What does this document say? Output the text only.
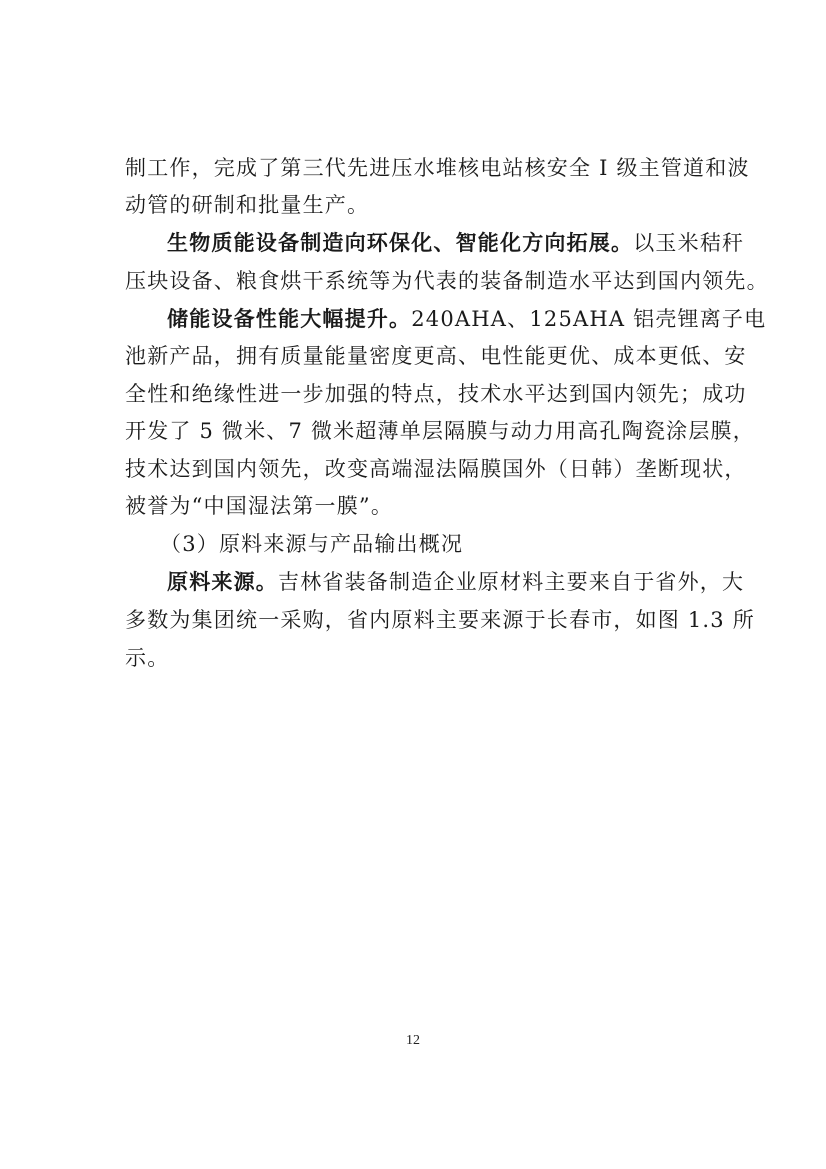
制工作，完成了第三代先进压水堆核电站核安全 I 级主管道和波
动管的研制和批量生产。
生物质能设备制造向环保化、智能化方向拓展。以玉米秸秆
压块设备、粮食烘干系统等为代表的装备制造水平达到国内领先。
储能设备性能大幅提升。240AHA、125AHA 铝壳锂离子电
池新产品，拥有质量能量密度更高、电性能更优、成本更低、安
全性和绝缘性进一步加强的特点，技术水平达到国内领先；成功
开发了 5 微米、7 微米超薄单层隔膜与动力用高孔陶瓷涂层膜，
技术达到国内领先，改变高端湿法隔膜国外（日韩）垄断现状，
被誉为“中国湿法第一膜”。
（3）原料来源与产品输出概况
原料来源。吉林省装备制造企业原材料主要来自于省外，大
多数为集团统一采购，省内原料主要来源于长春市，如图 1.3 所
示。
12
